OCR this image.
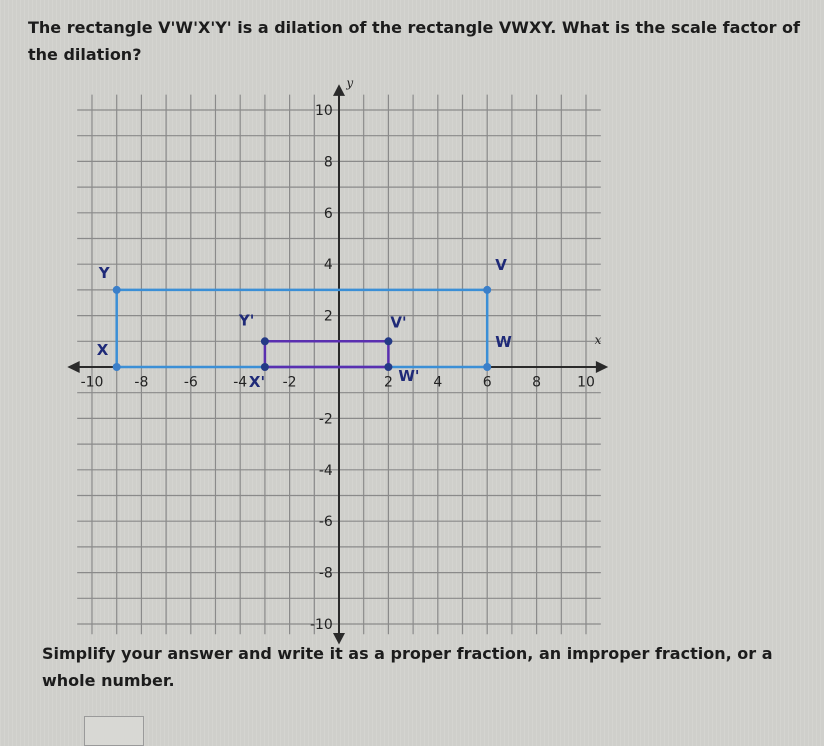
The rectangle V'W'X'Y' is a dilation of the rectangle VWXY. What is the scale factor of the dilation?
x
y
-10 -8	-6	-4	-2	2	4	6	8	10
10
8
6
4
2
-2
-4
-6
-8
-10
V
W
X
Y
V'
W'
X'
Y'
Simplify your answer and write it as a proper fraction, an improper fraction, or a whole number.
